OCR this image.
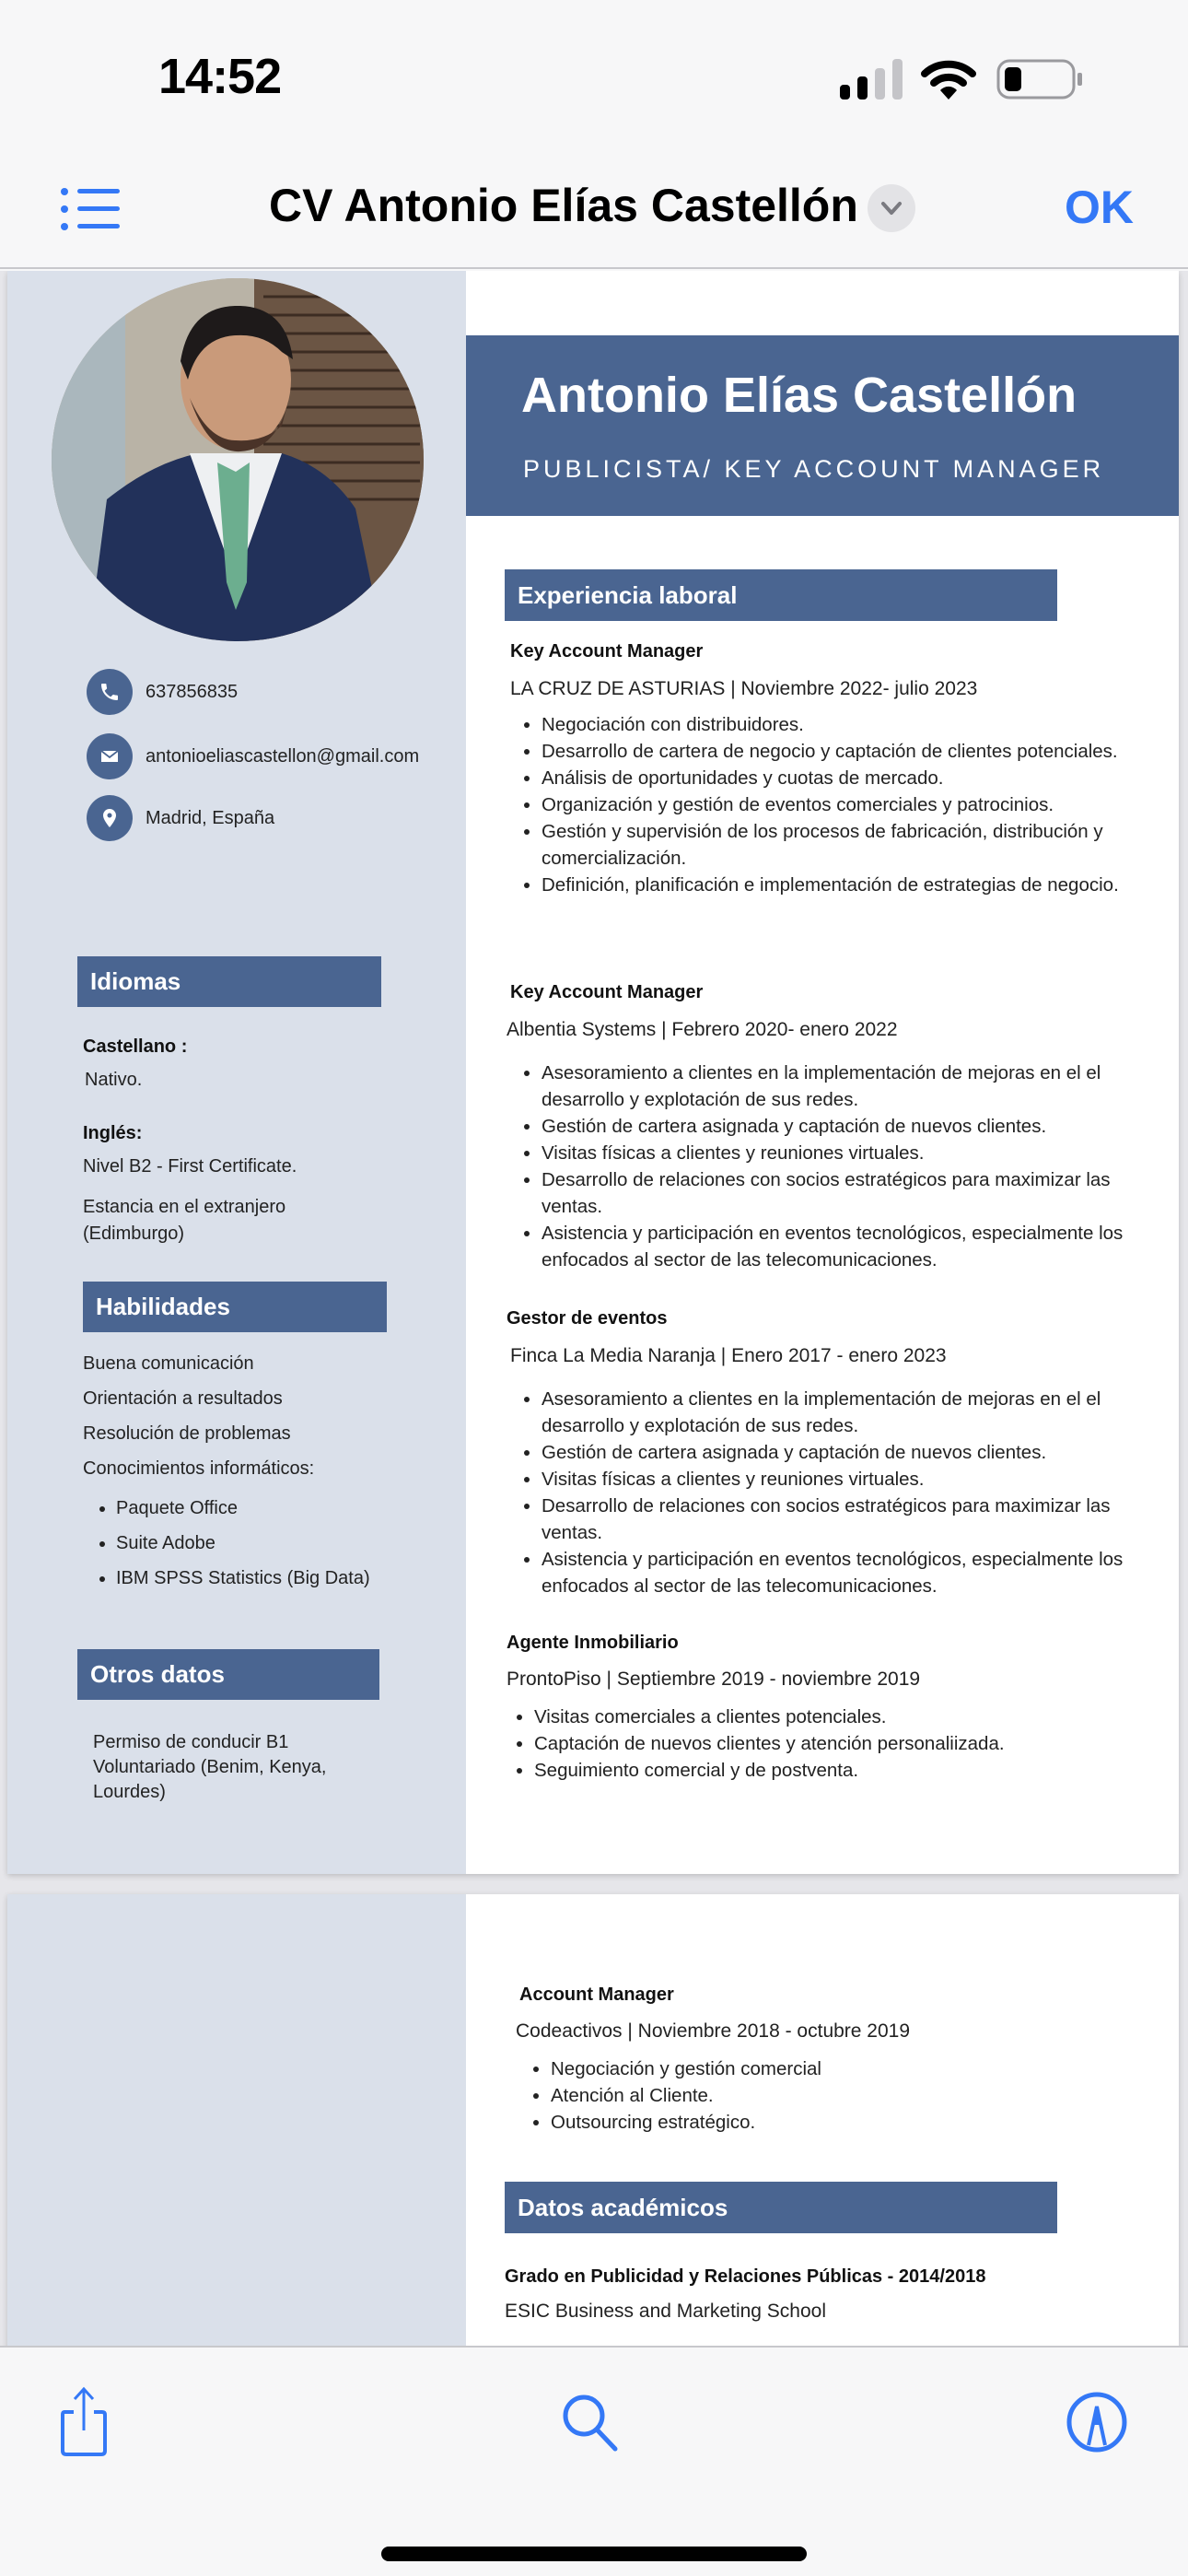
14:52
CV Antonio Elías Castellón	OK
637856835
antonioeliascastellon@gmail.com
Madrid, España
Idiomas
Castellano :
Nativo.
Inglés:
Nivel B2 - First Certificate.
Estancia en el extranjero (Edimburgo)
Habilidades
Buena comunicación
Orientación a resultados
Resolución de problemas
Conocimientos informáticos:
• Paquete Office
• Suite Adobe
• IBM SPSS Statistics (Big Data)
Otros datos
Permiso de conducir B1
Voluntariado (Benim, Kenya, Lourdes)
Antonio Elías Castellón
PUBLICISTA/ KEY ACCOUNT MANAGER
Experiencia laboral
Key Account Manager
LA CRUZ DE ASTURIAS | Noviembre 2022- julio 2023
• Negociación con distribuidores.
• Desarrollo de cartera de negocio y captación de clientes potenciales.
• Análisis de oportunidades y cuotas de mercado.
• Organización y gestión de eventos comerciales y patrocinios.
• Gestión y supervisión de los procesos de fabricación, distribución y comercialización.
• Definición, planificación e implementación de estrategias de negocio.
Key Account Manager
Albentia Systems | Febrero 2020- enero 2022
• Asesoramiento a clientes en la implementación de mejoras en el el desarrollo y explotación de sus redes.
• Gestión de cartera asignada y captación de nuevos clientes.
• Visitas físicas a clientes y reuniones virtuales.
• Desarrollo de relaciones con socios estratégicos para maximizar las ventas.
• Asistencia y participación en eventos tecnológicos, especialmente los enfocados al sector de las telecomunicaciones.
Gestor de eventos
Finca La Media Naranja | Enero 2017 - enero 2023
• Asesoramiento a clientes en la implementación de mejoras en el el desarrollo y explotación de sus redes.
• Gestión de cartera asignada y captación de nuevos clientes.
• Visitas físicas a clientes y reuniones virtuales.
• Desarrollo de relaciones con socios estratégicos para maximizar las ventas.
• Asistencia y participación en eventos tecnológicos, especialmente los enfocados al sector de las telecomunicaciones.
Agente Inmobiliario
ProntoPiso | Septiembre 2019 - noviembre 2019
• Visitas comerciales a clientes potenciales.
• Captación de nuevos clientes y atención personaliizada.
• Seguimiento comercial y de postventa.
Account Manager
Codeactivos | Noviembre 2018 - octubre 2019
• Negociación y gestión comercial
• Atención al Cliente.
• Outsourcing estratégico.
Datos académicos
Grado en Publicidad y Relaciones Públicas - 2014/2018
ESIC Business and Marketing School
